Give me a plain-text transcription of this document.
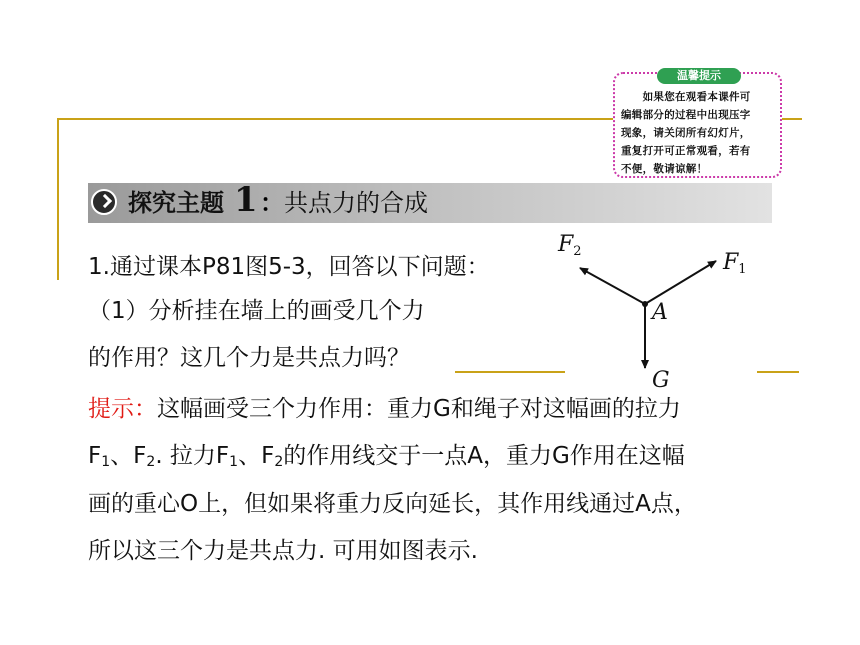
温馨提示
　　如果您在观看本课件可
编辑部分的过程中出现压字
现象，请关闭所有幻灯片，
重复打开可正常观看，若有
不便，敬请谅解！
探究主题 1 ： 共点力的合成
1.通过课本P81图5-3，回答以下问题：
（1）分析挂在墙上的画受几个力
的作用？这几个力是共点力吗？
提示：这幅画受三个力作用：重力G和绳子对这幅画的拉力
$F_1$、$F_2$. 拉力$F_1$、$F_2$的作用线交于一点A，重力G作用在这幅
画的重心O上，但如果将重力反向延长，其作用线通过A点，
所以这三个力是共点力. 可用如图表示.
F2	F1
A
G
